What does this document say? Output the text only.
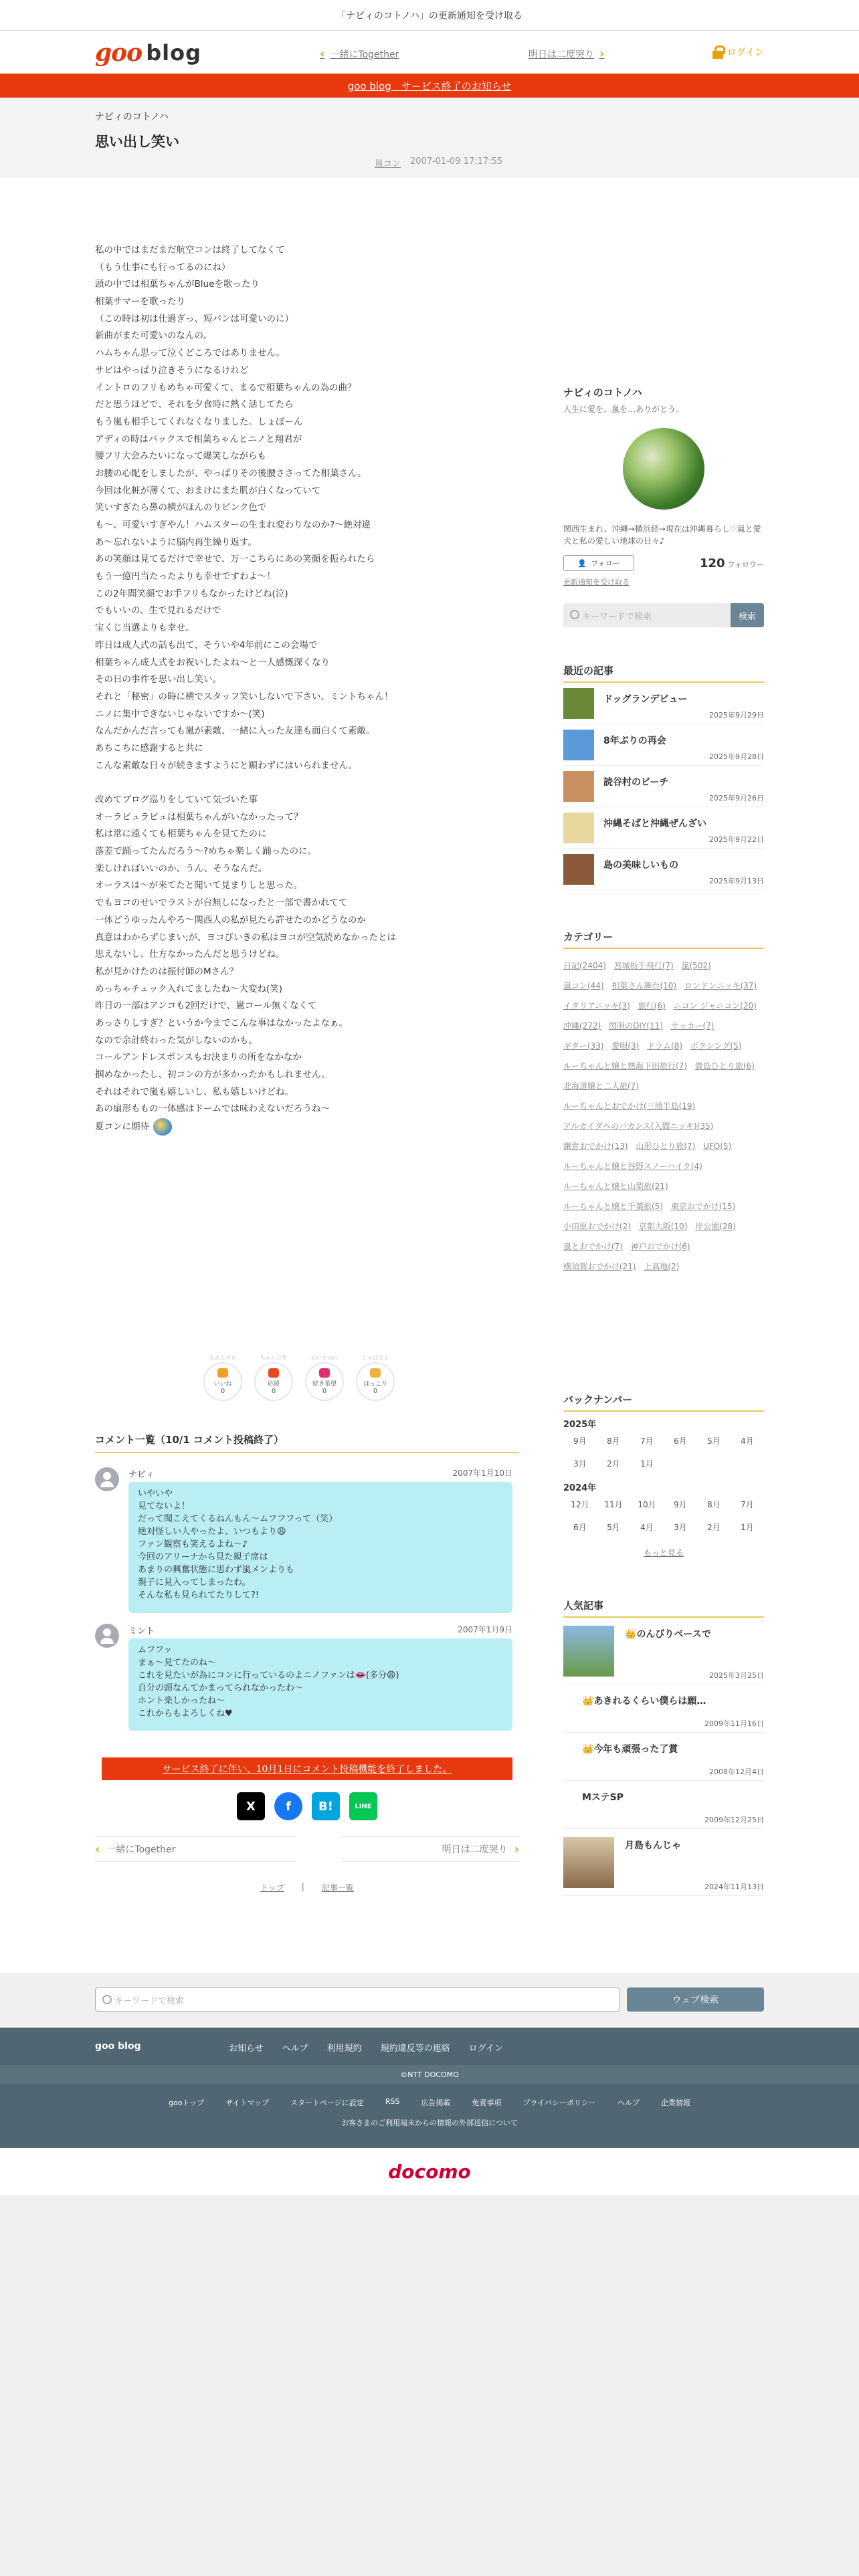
「ナビィのコトノハ」の更新通知を受け取る
goo blog	‹ 一緒にTogether	明日は二度哭り ›	ログイン
goo blog　サービス終了のお知らせ
ナビィのコトノハ
思い出し笑い
嵐コン 2007-01-09 17:17:55
私の中ではまだまだ航空コンは終了してなくて
（もう仕事にも行ってるのにね）
頭の中では相葉ちゃんがBlueを歌ったり
相葉サマーを歌ったり
（この時は初は仕過ぎっ、短パンは可愛いのに）
新曲がまた可愛いのなんの。
ハムちゃん思って泣くどころではありません。
サビはやっぱり泣きそうになるけれど
イントロのフリもめちゃ可愛くて、まるで相葉ちゃんの為の曲？
だと思うほどで、それを夕食時に熱く話してたら
もう嵐も相手してくれなくなりました。しょぼーん
アディの時はバックスで相葉ちゃんとニノと翔君が
腰フリ大会みたいになって爆笑しながらも
お腰の心配をしましたが、やっぱりその後腰ささってた相葉さん。
今回は化粧が薄くて、おまけにまた肌が白くなっていて
笑いすぎたら鼻の横がほんのりピンク色で
も～、可愛いすぎやん！ハムスターの生まれ変わりなのか?～絶対違
あ～忘れないように脳内再生繰り返す。
あの笑顔は見てるだけで幸せで、万一こちらにあの笑顔を振られたら
もう一億円当たったよりも幸せですわよ～！
この2年間笑顔でお手フリもなかったけどね(泣)
でもいいの、生で見れるだけで
宝くじ当選よりも幸せ。
昨日は成人式の話も出て、そういや4年前にこの会場で
相葉ちゃん成人式をお祝いしたよね～と一人感慨深くなり
その日の事件を思い出し笑い。
それと「秘密」の時に横でスタッフ笑いしないで下さい、ミントちゃん！
ニノに集中できないじゃないですか～(笑)
なんだかんだ言っても嵐が素敵、一緒に入った友達も面白くて素敵。
あちこちに感謝すると共に
こんな素敵な日々が続きますようにと願わずにはいられません。
改めてブログ巡りをしていて気づいた事
オーラビュラビュは相葉ちゃんがいなかったって？
私は常に遠くても相葉ちゃんを見てたのに
落差で踊ってたんだろう～?めちゃ楽しく踊ったのに。
楽しければいいのか、うん、そうなんだ。
オーラスは～が来てたと聞いて見まりしと思った。
でもヨコのせいでラストが台無しになったと一部で書かれてて
一体どうゆったんやろ～関西人の私が見たら許せたのかどうなのか
真意はわからずじまい;が、ヨコびいきの私はヨコが空気読めなかったとは
思えないし、仕方なかったんだと思うけどね。
私が見かけたのは振付師のMさん？
めっちゃチェック入れてましたね～大変ね(笑)
昨日の一部はアンコも2回だけで、嵐コール無くなくて
あっさりしすぎ？というか今までこんな事はなかったよなぁ。
なので余計終わった気がしないのかも。
コールアンドレスポンスもお決まりの所をなかなか
掴めなかったし、初コンの方が多かったかもしれません。
それはそれで嵐も嬉しいし、私も嬉しいけどね。
あの扇形ももの一体感はドームでは味わえないだろうね～
夏コンに期待
もあんせき
いいね
0
もかんびす
応援
0
かいさみの
続き希望
0
しゃはなよ
ほっこり
0
コメント一覧（10/1 コメント投稿終了）
ナビィ	2007年1月10日
いやいや
見てないよ！
だって聞こえてくるねんもん～ムフフフって（笑）
絶対怪しい人やったよ、いつもより😩
ファン観察も笑えるよね～♪
今回のアリーナから見た親子席は
あまりの興奮状態に思わず嵐メンよりも
親子に見入ってしまったわ。
そんな私も見られてたりして?!
ミント	2007年1月9日
ムフフッ
まぁ～見てたのね～
これを見たいが為にコンに行っているのよニノファンは👄(多分😩)
自分の頭なんてかまってられなかったわ～
ホント楽しかったね～
これからもよろしくね♥
サービス終了に伴い、10月1日にコメント投稿機能を終了しました。
X	f	B!	LINE
‹ 一緒にTogether	明日は二度哭り ›
トップ | 記事一覧
ナビィのコトノハ
人生に愛を、嵐を…ありがとう。
関西生まれ、沖縄→横浜経→現在は沖縄暮らし♡嵐と愛犬と私の愛しい地球の日々♪
👤 フォロー	120 フォロワー
更新通知を受け取る
キーワードで検索	検索
最近の記事
ドッグランデビュー
2025年9月29日
8年ぶりの再会
2025年9月28日
読谷村のビーチ
2025年9月26日
沖縄そばと沖縄ぜんざい
2025年9月22日
島の美味しいもの
2025年9月13日
カテゴリー
日記(2404) 宮城栃手飛行(7) 嵐(502) 嵐コン(44) 相葉さん舞台(10) ロンドンニッキ(37) イタリアニッキ(3) 旅行(6) ニコン ジャニコン(20) 沖縄(272) 閃唄のDIY(11) サッカー(7) ギター(33) 愛唄(3) ドラム(8) ボクシング(5) ルーちゃんと嬢と熱海下田旅行(7) 貴島ひとり旅(6) 北海道嬢と二人旅(7) ルーちゃんとおでかけ(三浦半島(19) アルカイダへのバカンス(入間ニッキ)(35) 鎌倉おでかけ(13) 山形ひとり旅(7) UFO(5) ルーちゃんと嬢と谷野スノーハイク(4) ルーちゃんと嬢と山梨旅(21) ルーちゃんと嬢と千葉旅(5) 東京おでかけ(15) 小田原おでかけ(2) 京都大阪(10) 岸公園(28) 嵐とおでかけ(7) 神戸おでかけ(6) 横須賀おでかけ(21) 上高地(2)
バックナンバー
2025年
9月	8月	7月	6月	5月	4月
3月	2月	1月
2024年
12月	11月	10月	9月	8月	7月
6月	5月	4月	3月	2月	1月
もっと見る
人気記事
👑のんびりペースで
2025年3月25日
👑あきれるくらい僕らは願…
2009年11月16日
👑今年も頑張った了賞
2008年12月4日
MステSP
2009年12月25日
月島もんじゃ
2024年11月13日
キーワードで検索	ウェブ検索
goo blog	お知らせ ヘルプ 利用規約 規約違反等の連絡 ログイン
©NTT DOCOMO
gooトップ	サイトマップ	スタートページに設定	RSS	広告掲載	免責事項	プライバシーポリシー	ヘルプ	企業情報
お客さまのご利用端末からの情報の外部送信について
docomo
